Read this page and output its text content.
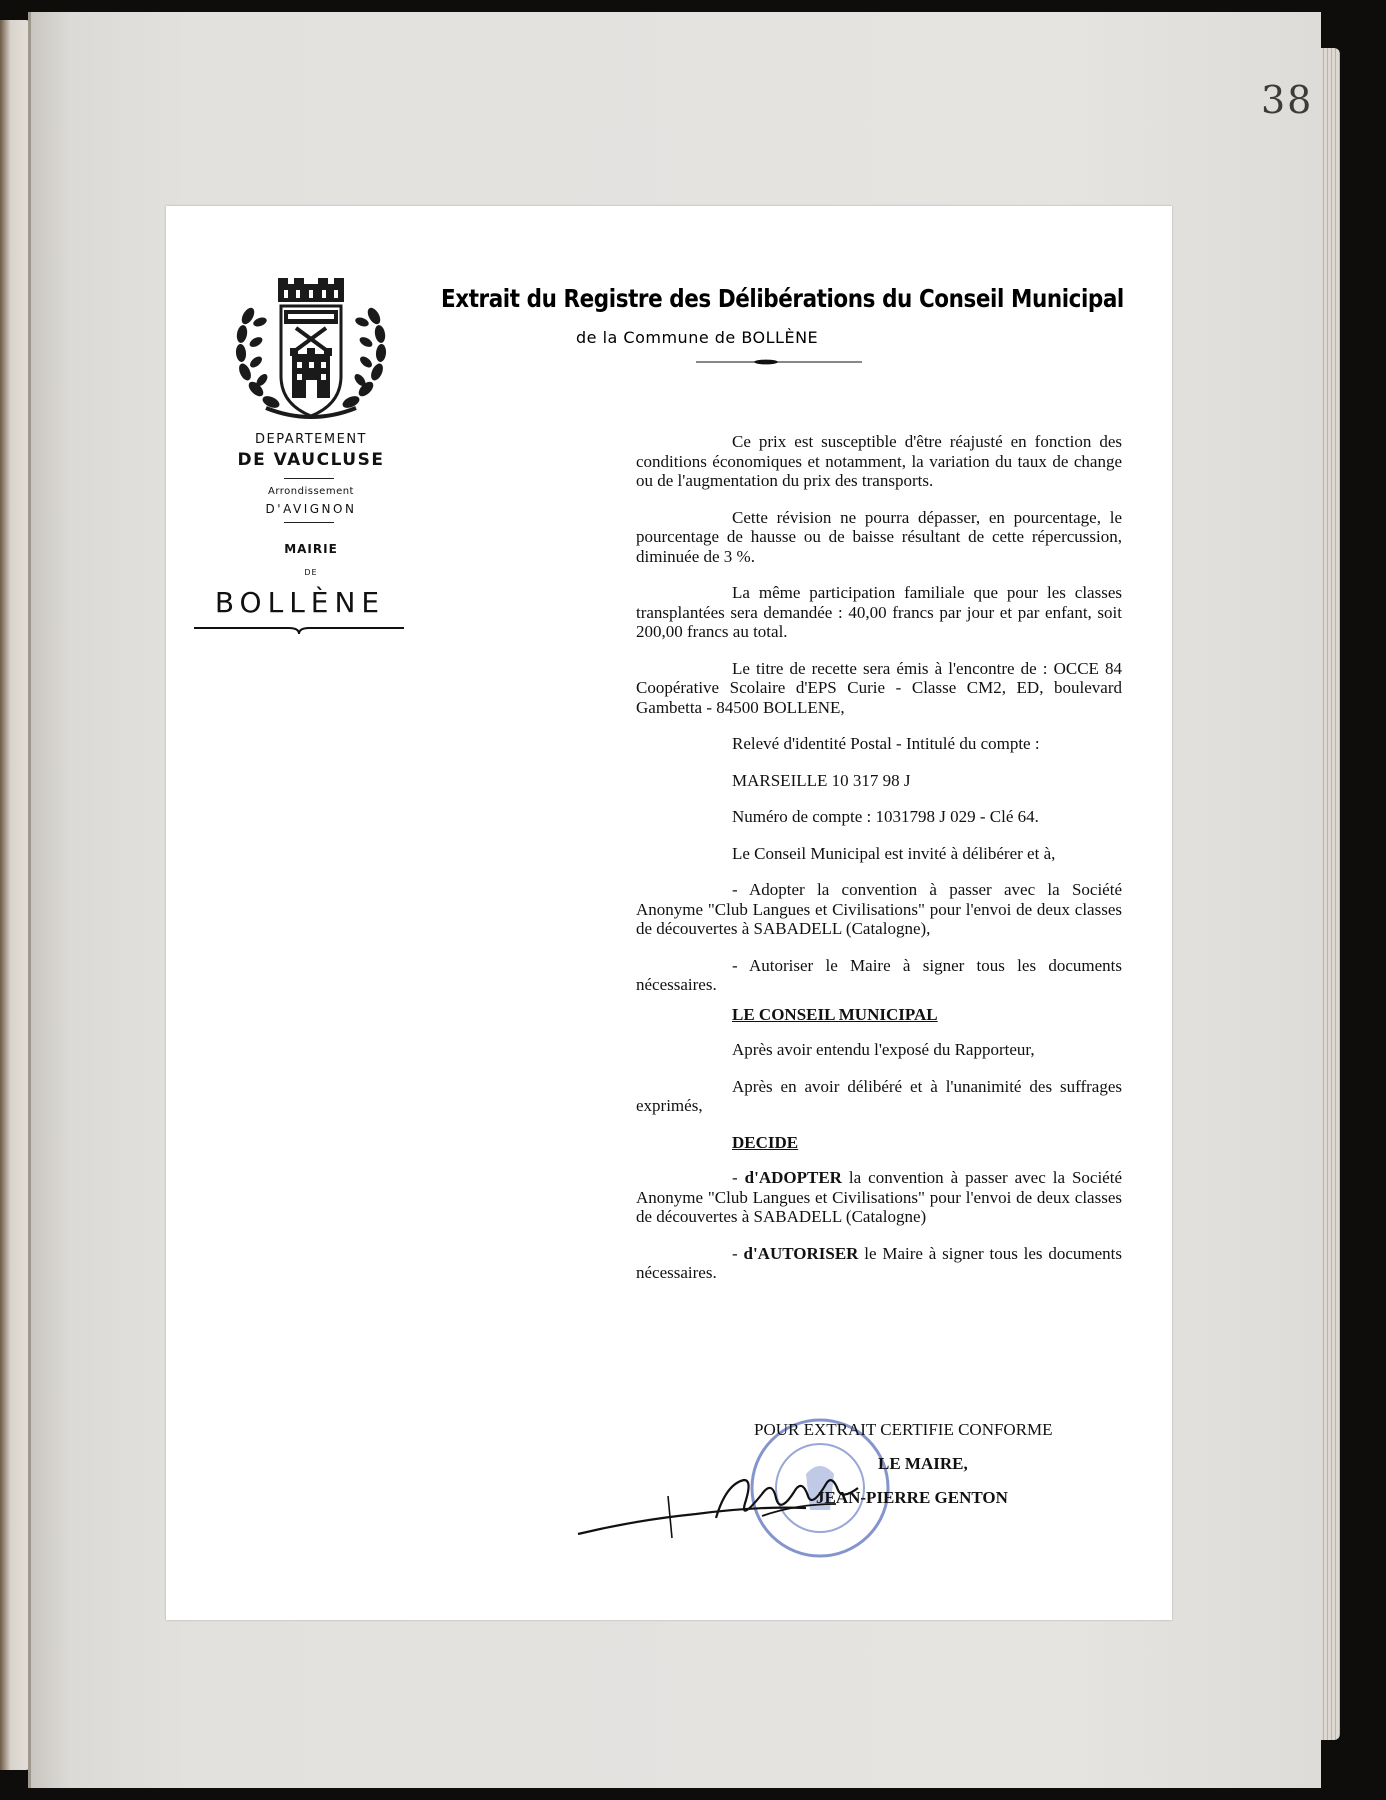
38
DEPARTEMENT
DE VAUCLUSE
Arrondissement
D'AVIGNON
MAIRIE
DE
BOLLÈNE
Extrait du Registre des Délibérations du Conseil Municipal
de la Commune de BOLLÈNE

Ce prix est susceptible d'être réajusté en fonction des conditions économiques et notamment, la variation du taux de change ou de l'augmentation du prix des transports.

Cette révision ne pourra dépasser, en pourcentage, le pourcentage de hausse ou de baisse résultant de cette répercussion, diminuée de 3 %.

La même participation familiale que pour les classes transplantées sera demandée : 40,00 francs par jour et par enfant, soit 200,00 francs au total.

Le titre de recette sera émis à l'encontre de : OCCE 84 Coopérative Scolaire d'EPS Curie - Classe CM2, ED, boulevard Gambetta - 84500 BOLLENE,

Relevé d'identité Postal - Intitulé du compte :

MARSEILLE 10 317 98 J

Numéro de compte : 1031798 J 029 - Clé 64.

Le Conseil Municipal est invité à délibérer et à,

- Adopter la convention à passer avec la Société Anonyme "Club Langues et Civilisations" pour l'envoi de deux classes de découvertes à SABADELL (Catalogne),

- Autoriser le Maire à signer tous les documents nécessaires.

LE CONSEIL MUNICIPAL

Après avoir entendu l'exposé du Rapporteur,

Après en avoir délibéré et à l'unanimité des suffrages exprimés,

DECIDE

- d'ADOPTER la convention à passer avec la Société Anonyme "Club Langues et Civilisations" pour l'envoi de deux classes de découvertes à SABADELL (Catalogne)

- d'AUTORISER le Maire à signer tous les documents nécessaires.

POUR EXTRAIT CERTIFIE CONFORME
LE MAIRE,
JEAN-PIERRE GENTON
